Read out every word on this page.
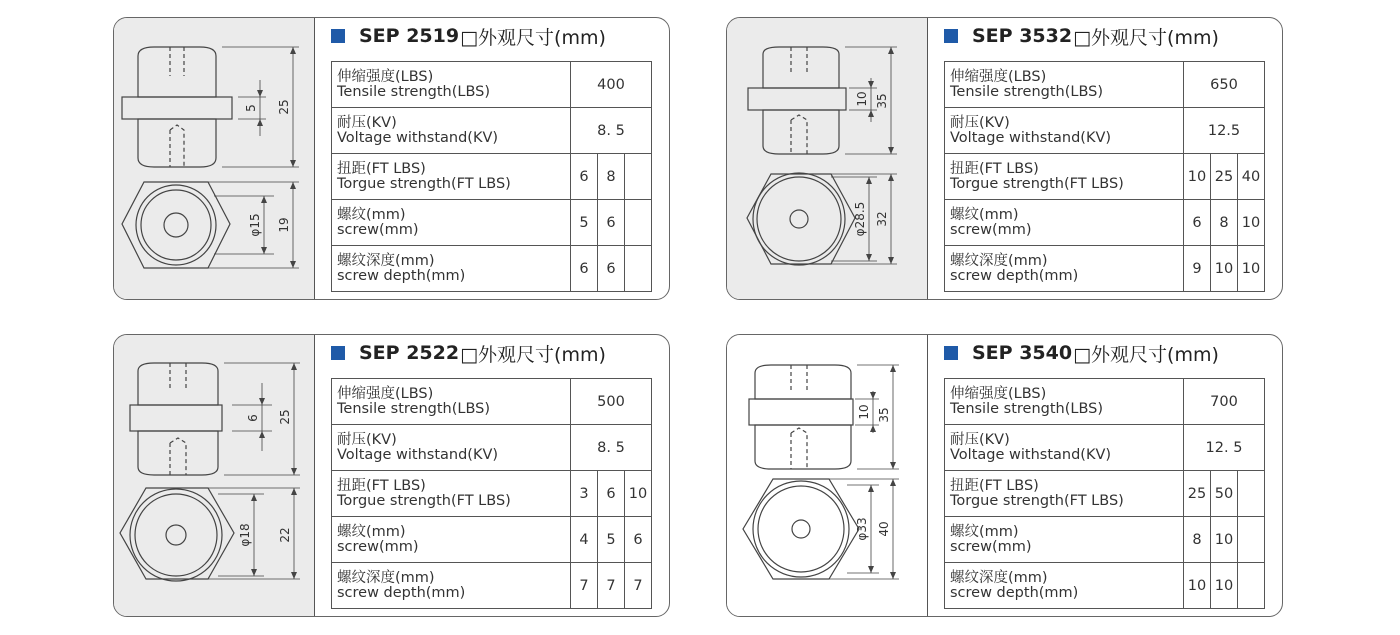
25
5
φ15 19
SEP 2519 □外观尺寸(mm)
伸缩强度(LBS)
Tensile strength(LBS)	400		

耐压(KV)
Voltage withstand(KV)	8. 5		

扭距(FT LBS)
Torgue strength(FT LBS)	6	8	

螺纹(mm)
screw(mm)	5	6	

螺纹深度(mm)
screw depth(mm)	6	6	
35
10
φ28.5 32
SEP 3532 □外观尺寸(mm)
伸缩强度(LBS)
Tensile strength(LBS)	650		

耐压(KV)
Voltage withstand(KV)	12.5		

扭距(FT LBS)
Torgue strength(FT LBS)	10	25	40

螺纹(mm)
screw(mm)	6	8	10

螺纹深度(mm)
screw depth(mm)	9	10	10
25
6
φ18 22
SEP 2522 □外观尺寸(mm)
伸缩强度(LBS)
Tensile strength(LBS)	500		

耐压(KV)
Voltage withstand(KV)	8. 5		

扭距(FT LBS)
Torgue strength(FT LBS)	3	6	10

螺纹(mm)
screw(mm)	4	5	6

螺纹深度(mm)
screw depth(mm)	7	7	7
35
10
φ33 40
SEP 3540 □外观尺寸(mm)
伸缩强度(LBS)
Tensile strength(LBS)	700		

耐压(KV)
Voltage withstand(KV)	12. 5		

扭距(FT LBS)
Torgue strength(FT LBS)	25	50	

螺纹(mm)
screw(mm)	8	10	

螺纹深度(mm)
screw depth(mm)	10	10	
